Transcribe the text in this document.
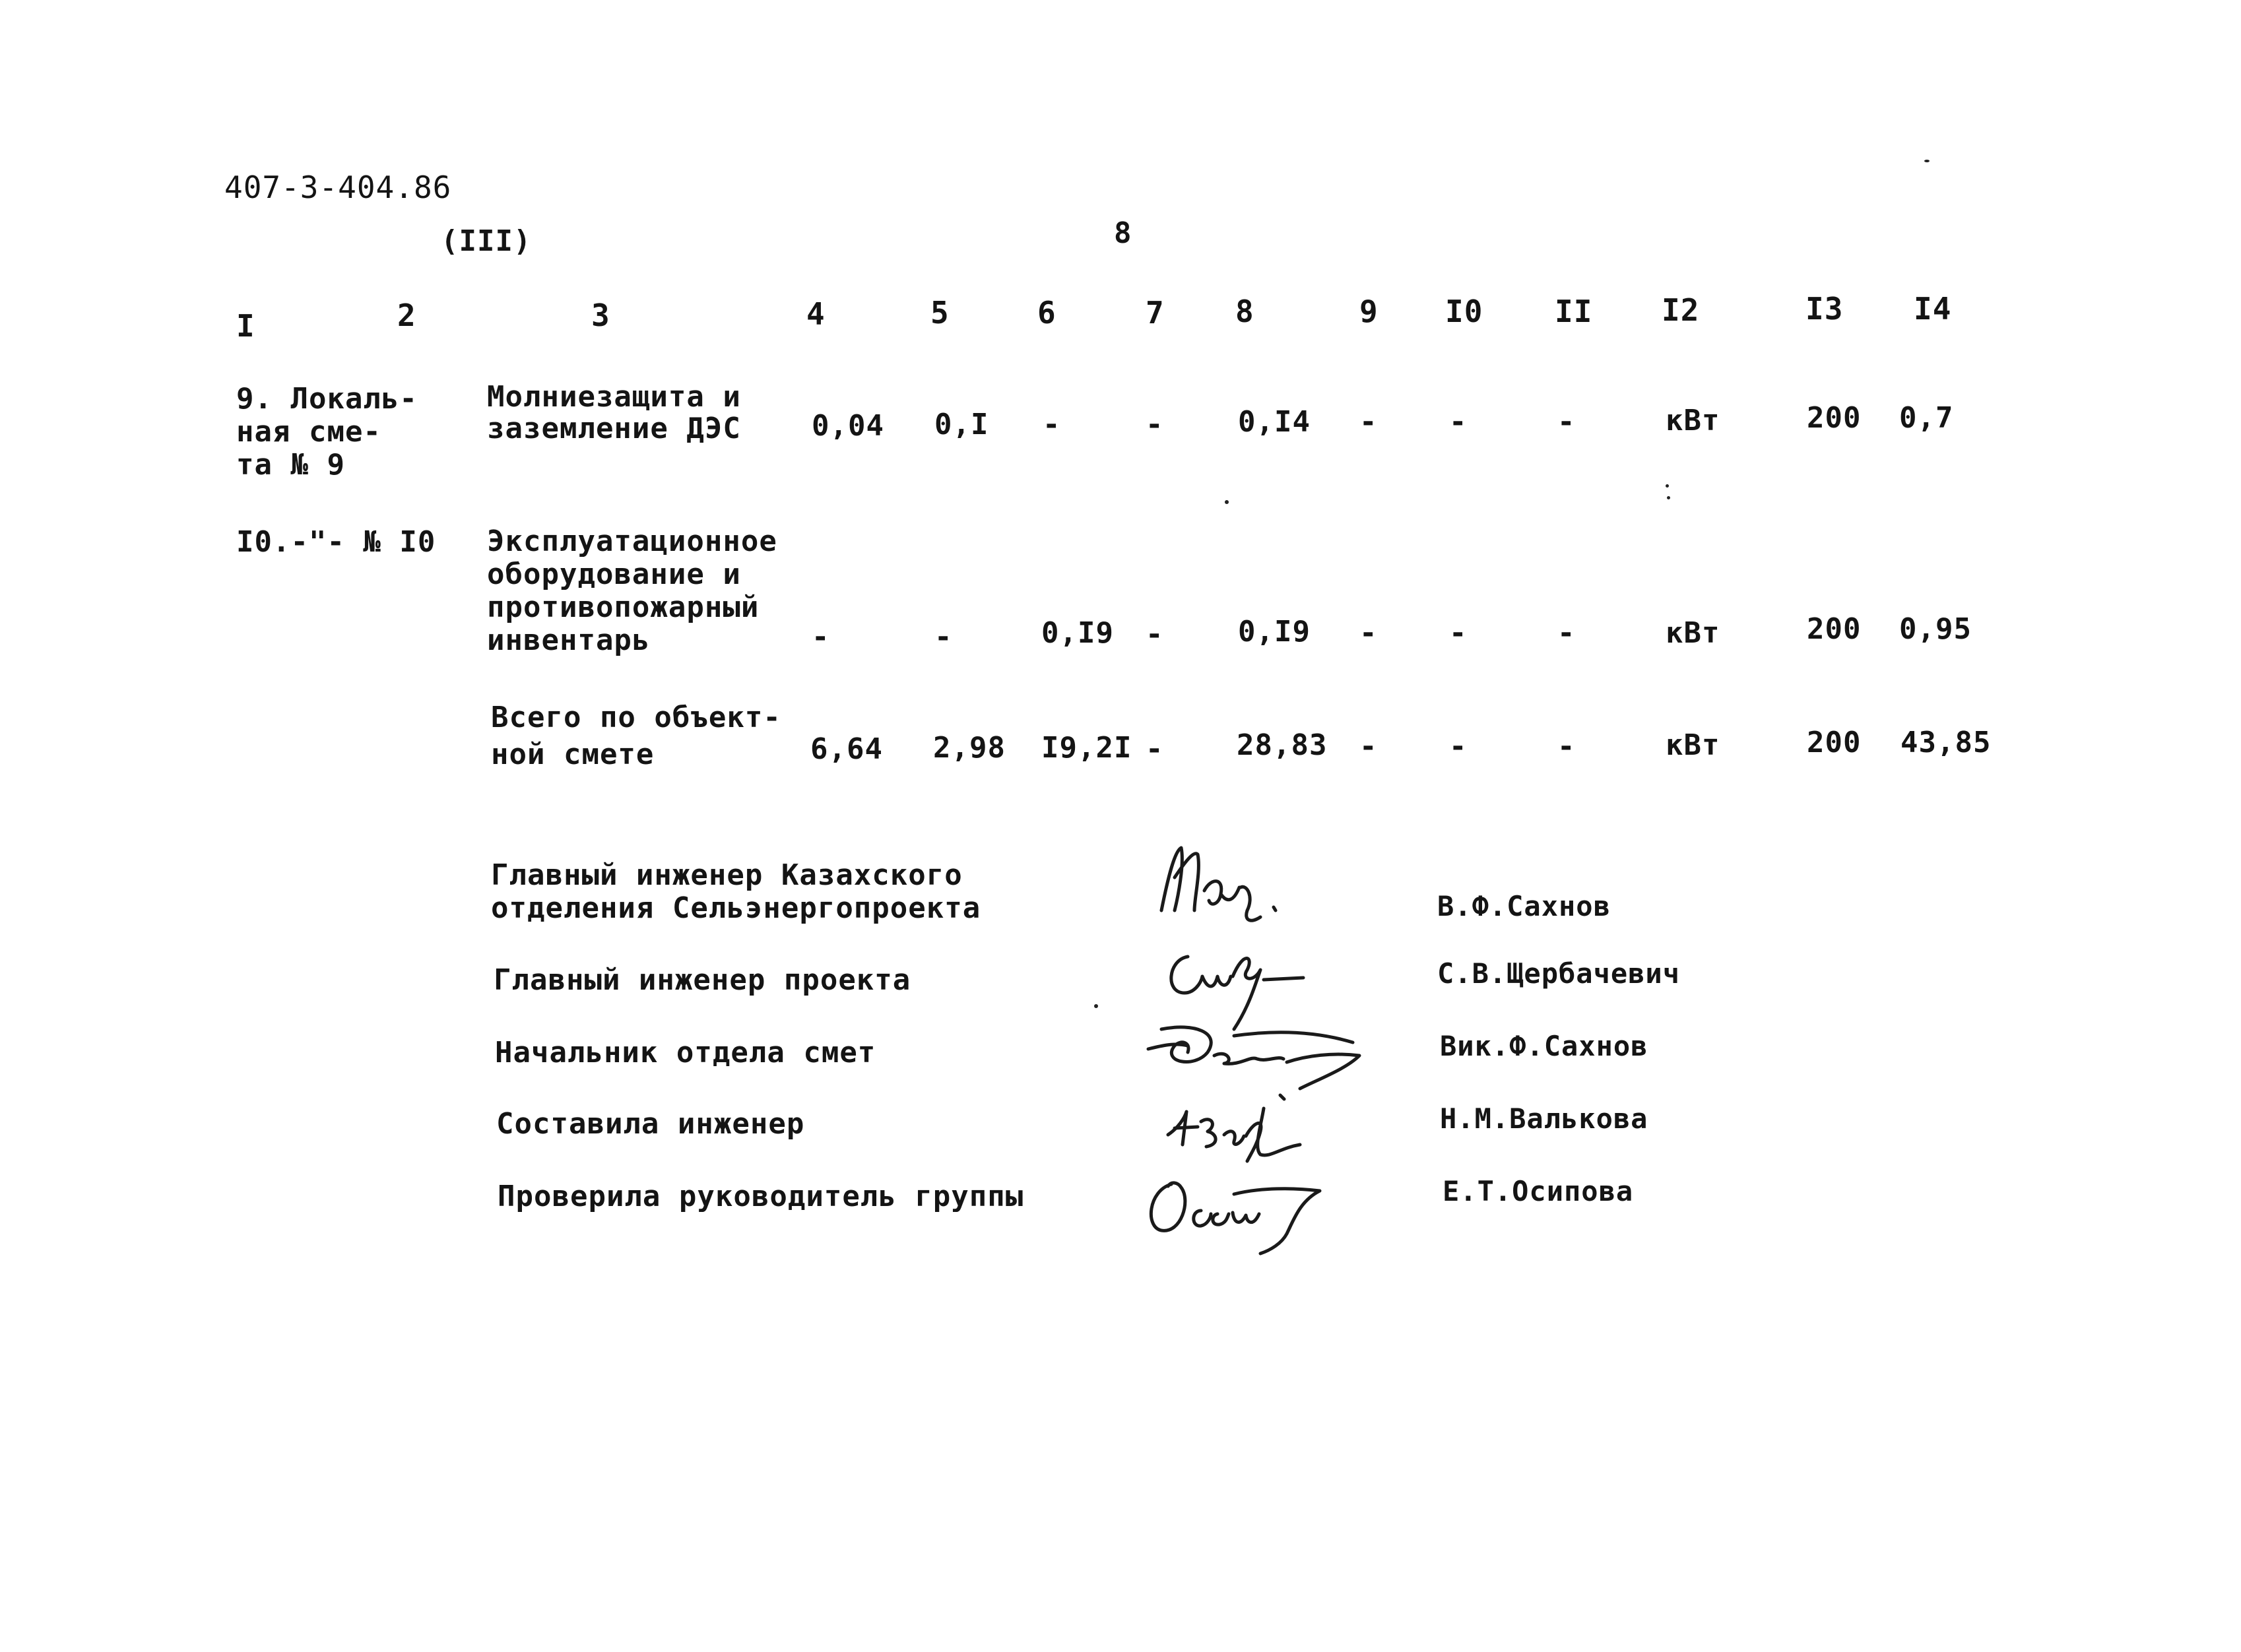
407-3-404.86
(III)	8
I	2	3	4	5	6	7 8	9 I0 II I2	I3 I4
9. Локаль-
ная сме-
та № 9
Молниезащита и
заземление ДЭС 0,04 0,I -	-	0,I4 - -	-	кВт	200 0,7
I0.-"- № I0 Эксплуатационное
оборудование и
противопожарный
инвентарь	-	-	0,I9 -	0,I9 - -	-	кВт	200 0,95
Всего по объект-
ной смете	6,64 2,98 I9,2I -	28,83 - -	-	кВт	200 43,85
Главный инженер Казахского
отделения Сельэнергопроекта	В.Ф.Сахнов
Главный инженер проекта	С.В.Щербачевич
Начальник отдела смет	Вик.Ф.Сахнов
Составила инженер	Н.М.Валькова
Проверила руководитель группы	Е.Т.Осипова
